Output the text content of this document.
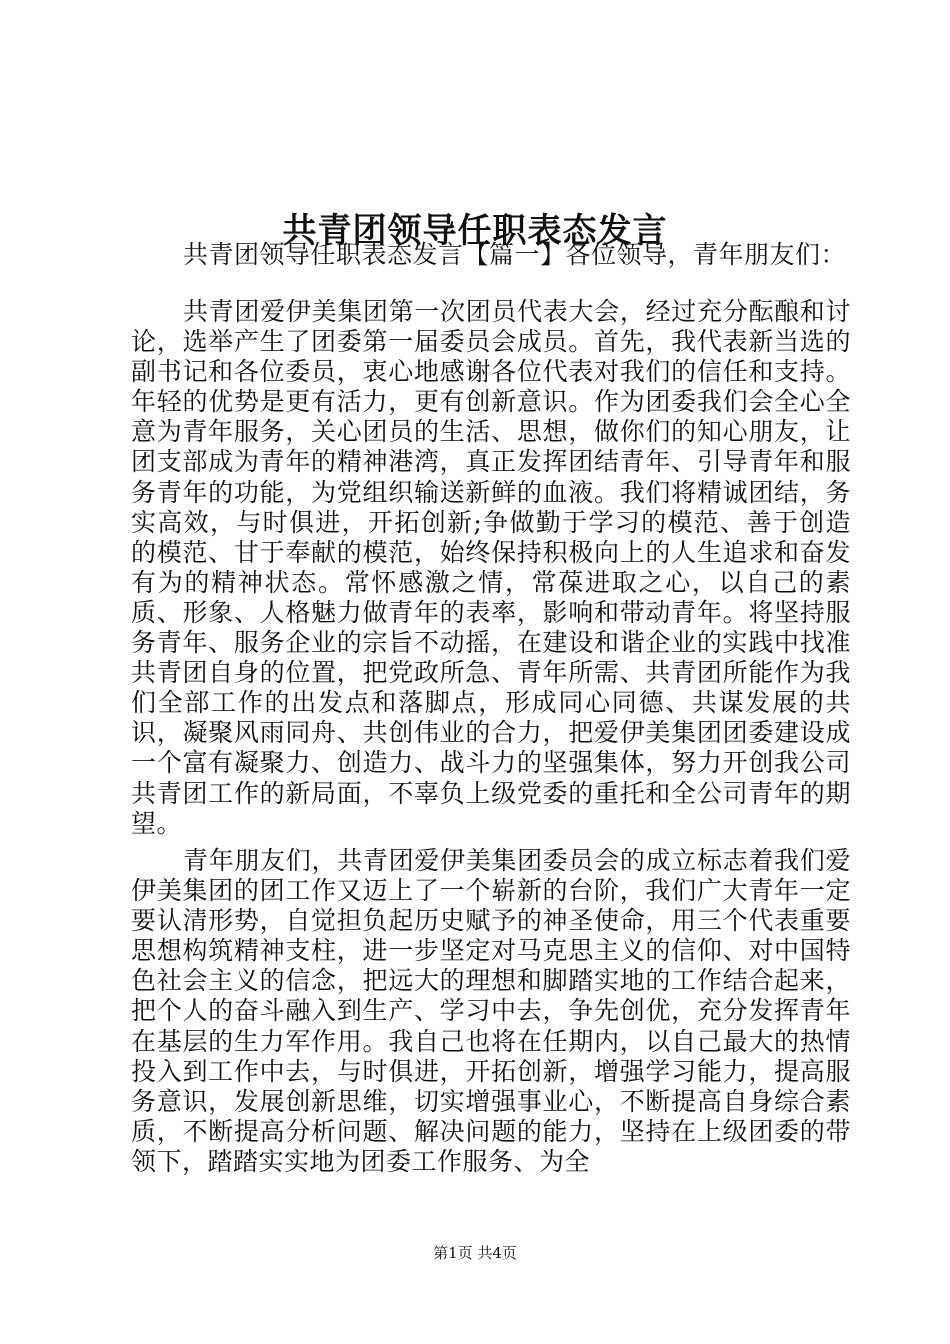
共青团领导任职表态发言

共青团领导任职表态发言【篇一】各位领导，青年朋友们：

共青团爱伊美集团第一次团员代表大会，经过充分酝酿和讨论，选举产生了团委第一届委员会成员。首先，我代表新当选的副书记和各位委员，衷心地感谢各位代表对我们的信任和支持。年轻的优势是更有活力，更有创新意识。作为团委我们会全心全意为青年服务，关心团员的生活、思想，做你们的知心朋友，让团支部成为青年的精神港湾，真正发挥团结青年、引导青年和服务青年的功能，为党组织输送新鲜的血液。我们将精诚团结，务实高效，与时俱进，开拓创新;争做勤于学习的模范、善于创造的模范、甘于奉献的模范，始终保持积极向上的人生追求和奋发有为的精神状态。常怀感激之情，常葆进取之心，以自己的素质、形象、人格魅力做青年的表率，影响和带动青年。将坚持服务青年、服务企业的宗旨不动摇，在建设和谐企业的实践中找准共青团自身的位置，把党政所急、青年所需、共青团所能作为我们全部工作的出发点和落脚点，形成同心同德、共谋发展的共识，凝聚风雨同舟、共创伟业的合力，把爱伊美集团团委建设成一个富有凝聚力、创造力、战斗力的坚强集体，努力开创我公司共青团工作的新局面，不辜负上级党委的重托和全公司青年的期望。

青年朋友们，共青团爱伊美集团委员会的成立标志着我们爱伊美集团的团工作又迈上了一个崭新的台阶，我们广大青年一定要认清形势，自觉担负起历史赋予的神圣使命，用三个代表重要思想构筑精神支柱，进一步坚定对马克思主义的信仰、对中国特色社会主义的信念，把远大的理想和脚踏实地的工作结合起来，把个人的奋斗融入到生产、学习中去，争先创优，充分发挥青年在基层的生力军作用。我自己也将在任期内，以自己最大的热情投入到工作中去，与时俱进，开拓创新，增强学习能力，提高服务意识，发展创新思维，切实增强事业心，不断提高自身综合素质，不断提高分析问题、解决问题的能力，坚持在上级团委的带领下，踏踏实实地为团委工作服务、为全

第1页 共4页
